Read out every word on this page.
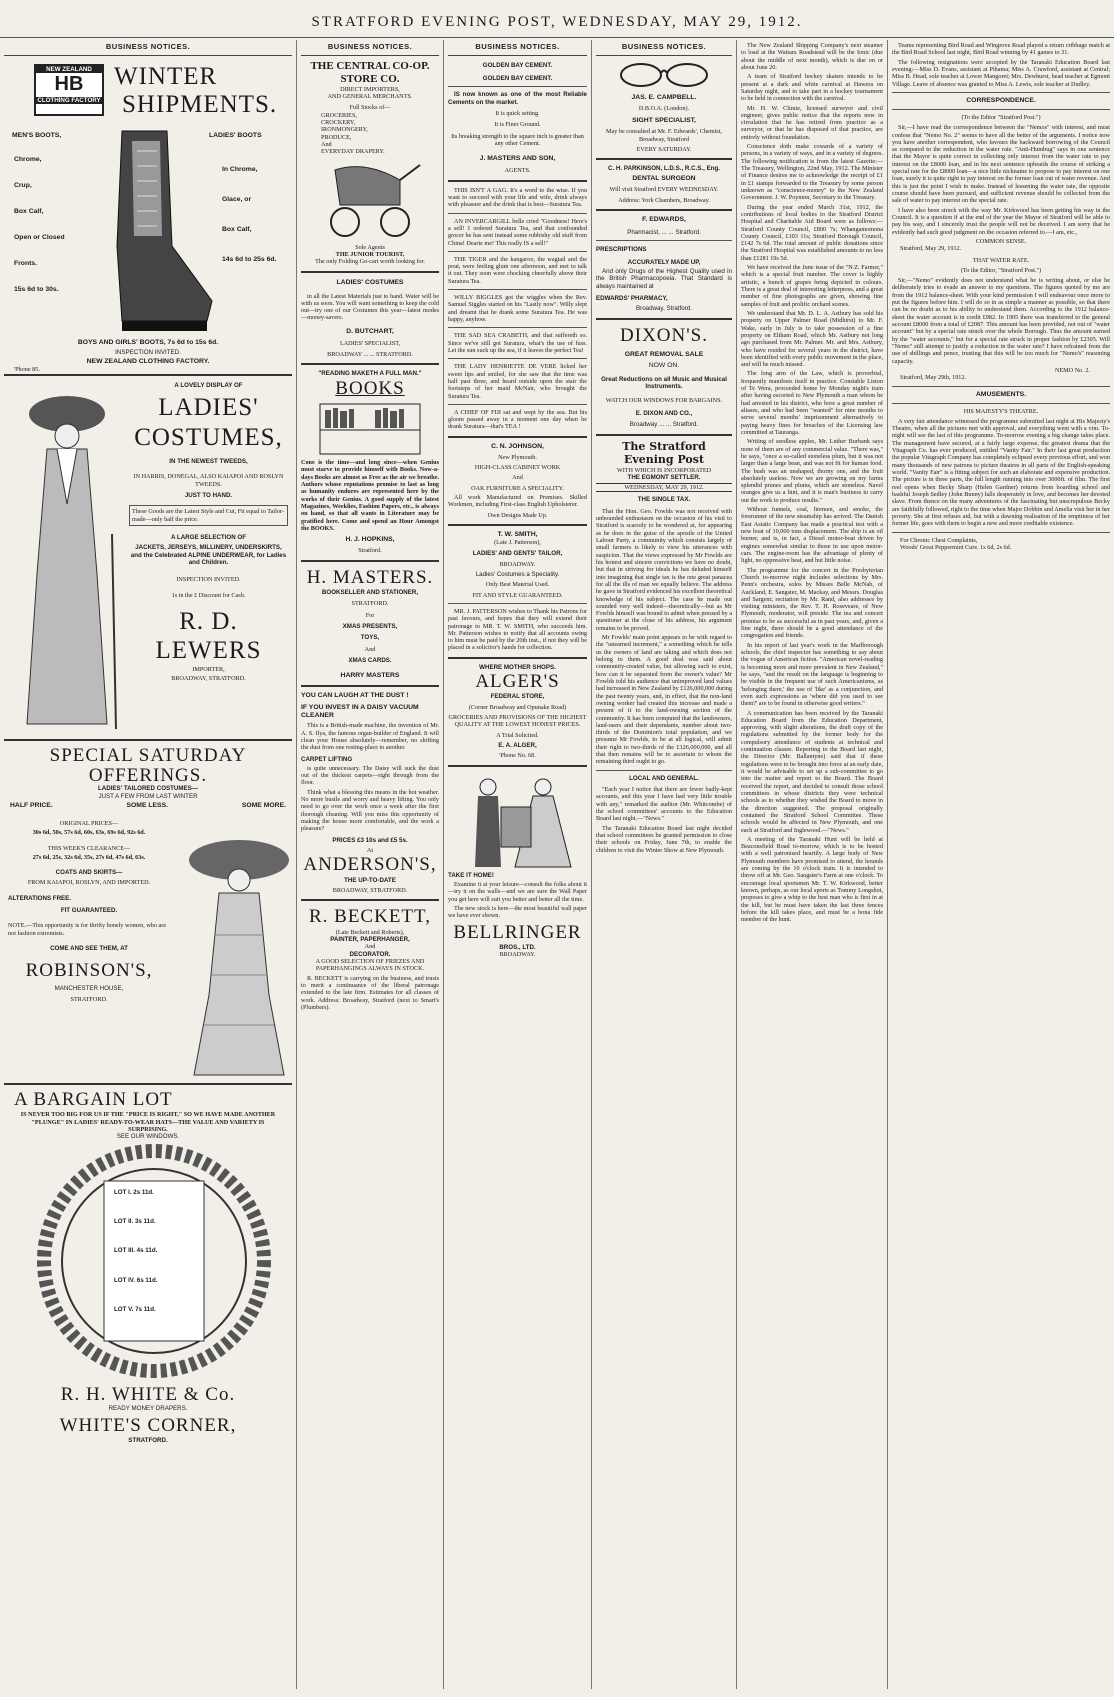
STRATFORD EVENING POST, WEDNESDAY, MAY 29, 1912.
BUSINESS NOTICES.
NEW ZEALAND
HB
CLOTHING FACTORY
WINTER
SHIPMENTS.
MEN'S BOOTS,	LADIES' BOOTS
Chrome,
Crup,
Box Calf,
Open or Closed
Fronts.
15s 6d to 30s.
In Chrome,
Glace, or
Box Calf,
14s 6d to 25s 6d.
BOYS AND GIRLS' BOOTS, 7s 6d to 15s 6d.
INSPECTION INVITED.
NEW ZEALAND CLOTHING FACTORY.
'Phone 85.
A LOVELY DISPLAY OF
LADIES'
COSTUMES,
IN THE NEWEST TWEEDS,
IN HARRIS, DONEGAL, ALSO KAIAPOI AND ROSLYN TWEEDS.
JUST TO HAND.
These Goods are the Latest Style and Cut, Fit equal to Tailor-made—only half the price.
A LARGE SELECTION OF
JACKETS, JERSEYS, MILLINERY, UNDERSKIRTS, and the Celebrated ALPINE UNDERWEAR, for Ladies and Children.
INSPECTION INVITED.
1s in the £ Discount for Cash.
R. D. LEWERS
IMPORTER,
BROADWAY, STRATFORD.
SPECIAL SATURDAY
OFFERINGS.
LADIES' TAILORED COSTUMES—
JUST A FEW FROM LAST WINTER
HALF PRICE.	SOME LESS.	SOME MORE.
ORIGINAL PRICES—
30s 6d, 50s, 57s 6d, 60s, 63s, 69s 6d, 92s 6d.
THIS WEEK'S CLEARANCE—
27s 6d, 25s, 32s 6d, 35s, 27s 6d, 47s 6d, 63s.
COATS AND SKIRTS—
FROM KAIAPOI, ROSLYN, AND IMPORTED.
ALTERATIONS FREE.
FIT GUARANTEED.
NOTE.—This opportunity is for thrifty honely women, who are not fashion extremists.
COME AND SEE THEM, AT
ROBINSON'S,
MANCHESTER HOUSE,
STRATFORD.
A BARGAIN LOT
IS NEVER TOO BIG FOR US IF THE "PRICE IS RIGHT," SO WE HAVE MADE ANOTHER "PLUNGE" IN LADIES' READY-TO-WEAR HATS—THE VALUE AND VARIETY IS SURPRISING.
SEE OUR WINDOWS.
LOT I. 2s 11d.
LOT II. 3s 11d.
LOT III. 4s 11d.
LOT IV. 6s 11d.
LOT V. 7s 11d.
R. H. WHITE & Co.
READY MONEY DRAPERS.
WHITE'S CORNER,
STRATFORD.
BUSINESS NOTICES.
THE CENTRAL CO-OP. STORE CO.
DIRECT IMPORTERS,
AND GENERAL MERCHANTS.
Full Stocks of—
GROCERIES,
CROCKERY,
IRONMONGERY,
PRODUCE,
And
EVERYDAY DRAPERY.
Sole Agents
THE JUNIOR TOURIST,
The only Folding Go-cart worth looking for.
LADIES' COSTUMES

in all the Latest Materials just to hand. Water will be with us soon. You will want something to keep the cold out—try one of our Costumes this year—latest modes—money-savers.

D. BUTCHART,
LADIES' SPECIALIST,
BROADWAY ... ... STRATFORD.
"READING MAKETH A FULL MAN."
BOOKS

Cone is the time—and long since—when Genius must starve to provide himself with Books. Now-a-days Books are almost as Free as the air we breathe. Authors whose reputations promise to last as long as humanity endures are represented here by the works of their Genius. A good supply of the latest Magazines, Weeklies, Fashion Papers, etc., is always on hand, so that all wants in Literature may be gratified here. Come and spend an Hour Amongst the BOOKS.

H. J. HOPKINS,
Stratford.
H. MASTERS.
BOOKSELLER AND STATIONER,
STRATFORD.
For
XMAS PRESENTS,
TOYS,
And
XMAS CARDS.
HARRY MASTERS
YOU CAN LAUGH AT THE DUST !
IF YOU INVEST IN A DAISY VACUUM CLEANER

This is a British-made machine, the invention of Mr. A. S. Ilya, the famous organ-builder of England. It will clean your House absolutely—remember, no shifting the dust from one resting-place to another.

CARPET LIFTING

is quite unnecessary. The Daisy will suck the dust out of the thickest carpets—right through from the floor.

Think what a blessing this means in the hot weather. No more bustle and worry and heavy lifting. You only need to go over the work once a week after the first thorough cleaning. Will you miss this opportunity of making the house more comfortable, and the work a pleasure?

PRICES £3 10s and £5 5s.
At
ANDERSON'S,
THE UP-TO-DATE
BROADWAY, STRATFORD.
R. BECKETT,
(Late Beckett and Roberts),
PAINTER, PAPERHANGER,
And
DECORATOR.
A GOOD SELECTION OF FRIEZES AND PAPERHANGINGS ALWAYS IN STOCK.

R. BECKETT is carrying on the business, and trusts to merit a continuance of the liberal patronage extended to the late firm. Estimates for all classes of work. Address: Broadway, Stratford (next to Smart's (Plumbers).

BUSINESS NOTICES.
GOLDEN BAY CEMENT.
GOLDEN BAY CEMENT.

IS now known as one of the most Reliable Cements on the market.

It is quick setting.
It is Finer Ground.
Its breaking strength to the square inch is greater than any other Cement.
J. MASTERS AND SON,
AGENTS.

THIS ISN'T A GAG. It's a word to the wise. If you want to succeed with your life and wife, drink always with pleasure and the drink that is best—Suratura Tea.

AN INVERCARGILL belle cried "Goodness! Here's a sell! I ordered Suratura Tea, and that confounded grocer he has sent instead some rubbishy old stuff from China! Dearie me! This really IS a sell!"

THE TIGER and the kangaroo, the wagtail and the pout, were feeling glum one afternoon, and met to talk it out. They soon were chocking cheerfully above their Suratura Tea.

WILLY BIGGLES got the wiggles when the Rev. Samuel Siggles started on his "Lastly now". Willy slept and dreamt that he drank some Suratura Tea. He was happy, anyhow.

THE SAD SEA CRABETH, and that suffereth so. Since we've still got Suratura, what's the use of fuss. Let the sun suck up the sea, if it leaves the perfect Tea!

THE LADY HENRIETTE DE VERE licked her sweet lips and smiled, for she saw that the time was half past three, and heard outside upon the stair the footsteps of her maid McNair, who brought the Suratura Tea.

A CHIEF OF FIJI sat and wept by the sea. But his gloom passed away in a moment one day when he drank Suratura—that's TEA !

C. N. JOHNSON,
New Plymouth.
HIGH-CLASS CABINET WORK
And
OAK FURNITURE A SPECIALITY.

All work Manufactured on Premises. Skilled Workmen, including First-class English Upholsterer.

Own Designs Made Up.
T. W. SMITH,
(Late J. Patterson),
LADIES' AND GENTS' TAILOR,
BROADWAY.
Ladies' Costumes a Speciality.
Only Best Material Used.
FIT AND STYLE GUARANTEED.

MR. J. PATTERSON wishes to Thank his Patrons for past favours, and hopes that they will extend their patronage to MR. T. W. SMITH, who succeeds him. Mr. Patterson wishes to notify that all accounts owing to him must be paid by the 20th inst., if not they will be placed in a solicitor's hands for collection.

WHERE MOTHER SHOPS.
ALGER'S
FEDERAL STORE,
(Corner Broadway and Opunake Road)
GROCERIES AND PROVISIONS OF THE HIGHEST QUALITY AT THE LOWEST HONEST PRICES.
A Trial Solicited.
E. A. ALGER,
'Phone No. 68.
TAKE IT HOME!

Examine it at your leisure—consult the folks about it—try it on the walls—and we are sure the Wall Paper you get here will suit you better and better all the time.

The new stock is here—the most beautiful wall paper we have ever shown.

BELLRINGER
BROS., LTD.
BROADWAY.
BUSINESS NOTICES.
JAS. E. CAMPBELL.
D.B.O.A. (London).
SIGHT SPECIALIST,
May be consulted at Mr. F. Edwards', Chemist, Broadway, Stratford
EVERY SATURDAY.
C. H. PARKINSON, L.D.S., R.C.S., Eng.
DENTAL SURGEON
Will visit Stratford EVERY WEDNESDAY.
Address: York Chambers, Broadway.
F. EDWARDS,
Pharmacist, ... ... Stratford.
PRESCRIPTIONS
ACCURATELY MADE UP,

And only Drugs of the Highest Quality used in the British Pharmacopoeia. That Standard is always maintained at

EDWARDS' PHARMACY,
Broadway, Stratford.
DIXON'S.
GREAT REMOVAL SALE
NOW ON.
Great Reductions on all Music and Musical Instruments.
WATCH OUR WINDOWS FOR BARGAINS.
E. DIXON AND CO.,
Broadway ... ... Stratford.
The Stratford Evening Post
WITH WHICH IS INCORPORATED
THE EGMONT SETTLER.
WEDNESDAY, MAY 29, 1912.
THE SINGLE TAX.

That the Hon. Geo. Fowlds was not received with unbounded enthusiasm on the occasion of his visit to Stratford is scarcely to be wondered at, for appearing as he does in the guise of the apostle of the United Labour Party, a community which consists largely of small farmers is likely to view his utterances with suspicion. That the views expressed by Mr Fowlds are his honest and sincere convictions we have no doubt, but that in striving for ideals he has deluded himself into imagining that single tax is the one great panacea for all the ills of man we equally believe. The address he gave in Stratford evidenced his excellent theoretical knowledge of his subject. The case he made out sounded very well indeed—theoretically—but as Mr Fowlds himself was bound to admit when pressed by a questioner at the close of his address, his argument remains to be proved.

Mr Fowlds' main point appears to be with regard to the "unearned increment," a something which he tells us the owners of land are taking and which does not belong to them. A good deal was said about community-created value, but allowing such to exist, how can it be separated from the owner's value? Mr Fowlds told his audience that unimproved land values had increased in New Zealand by £126,000,000 during the past twenty years, and, in effect, that the non-land owning worker had created this increase and made a present of it to the land-owning section of the community. It has been computed that the landowners, land-users and their dependants, number about two-thirds of the Dominion's total population, and we presume Mr Fowlds, to be at all logical, will admit their right to two-thirds of the £126,000,000, and all that then remains will be to ascertain to whom the remaining third ought to go.

LOCAL AND GENERAL.

"Each year I notice that there are fewer badly-kept accounts, and this year I have had very little trouble with any," remarked the auditor (Mr. Whitcombe) of the school committees' accounts to the Education Board last night.—"News."

The Taranaki Education Board last night decided that school committees be granted permission to close their schools on Friday, June 7th, to enable the children to visit the Winter Show at New Plymouth.

The New Zealand Shipping Company's next steamer to load at the Waitara Roadstead will be the Ionic (due about the middle of next month), which is due on or about June 20.

A team of Stratford hockey skaters intends to be present at a dark and white carnival at Hawera on Saturday night, and to take part in a hockey tournament to be held in connection with the carnival.

Mr. H. W. Climie, licensed surveyor and civil engineer, gives public notice that the reports now in circulation that he has retired from practice as a surveyor, or that he has disposed of that practice, are entirely without foundation.

Conscience doth make cowards of a variety of persons, in a variety of ways, and in a variety of degrees. The following notification is from the latest Gazette:—The Treasury, Wellington, 22nd May, 1912. The Minister of Finance desires me to acknowledge the receipt of £1 in £1 stamps forwarded to the Treasury by some person unknown as "conscience-money" to the New Zealand Government. J. W. Poynton, Secretary to the Treasury.

During the year ended March 31st, 1912, the contributions of local bodies to the Stratford District Hospital and Charitable Aid Board were as follows:—Stratford County Council, £800 7s; Whangamomona County Council, £103 11s; Stratford Borough Council, £142 7s 6d. The total amount of public donations since the Stratford Hospital was established amounts to no less than £1281 19s 5d.

We have received the June issue of the "N.Z. Farmer," which is a special fruit number. The cover is highly artistic, a bunch of grapes being depicted in colours. There is a great deal of interesting letterpress, and a great number of fine photographs are given, showing fine samples of fruit and prolific orchard scenes.

We understand that Mr. D. L. A. Astbury has sold his property on Upper Palmer Road (Midhirst) to Mr. F. Wake, early in July is to take possession of a fine property on Eltham Road, which Mr. Astbury not long ago purchased from Mr. Palmer. Mr. and Mrs. Astbury, who have resided for several years in the district, have been identified with every public movement in the place, and will be much missed.

The long arm of the Law, which is proverbial, frequently manifests itself in practice. Constable Liston of Te Wera, proceeded home by Monday night's train after having escorted to New Plymouth a man whom he had arrested in his district, who bore a great number of aliases, and who had been "wanted" for nine months to serve several months' imprisonment alternatively to paying heavy fines for breaches of the Licensing law committed at Tauranga.

Writing of seedless apples, Mr. Luther Burbank says none of them are of any commercial value. "There was," he says, "once a so-called stoneless plum, but it was not larger than a large bean, and was not fit for human food. The bush was an unshaped, thorny one, and the fruit absolutely useless. Now we are growing on my farms splendid prunes and plums, which are stoneless. Navel oranges give us a hint, and it is man's business to carry out the work to produce results."

Without funnels, coal, firemen, and smoke, the forerunner of the new steamship has arrived. The Danish East Asiatic Company has made a practical test with a new boat of 10,000 tons displacement. The ship is an oil burner, and is, in fact, a Diesel motor-boat driven by engines somewhat similar to those in use upon motor-cars. The engine-room has the advantage of plenty of light, no oppressive heat, and but little noise.

The programme for the concert in the Presbyterian Church to-morrow night includes selections by Mrs. Penn's orchestra, solos by Misses Belle McNab, of Auckland, E. Sangster, M. Mackay, and Messrs. Douglas and Sargent; recitation by Mr. Rand, also addresses by visiting ministers, the Rev. T. H. Roseveare, of New Plymouth, moderator, will preside. The tea and concert promise to be as successful as in past years, and, given a fine night, there should be a good attendance of the congregation and friends.

In his report of last year's work in the Marlborough schools, the chief inspector has something to say about the vogue of American fiction. "American novel-reading is becoming more and more prevalent in New Zealand," he says, "and the result on the language is beginning to be visible in the frequent use of such Americanisms, as 'belonging there,' the use of 'like' as a conjunction, and even such expressions as 'where did you used to see them?' are to be found in otherwise good writers."

A communication has been received by the Taranaki Education Board from the Education Department, approving, with slight alterations, the draft copy of the regulations submitted by the former body for the compulsory attendance of students at technical and continuation classes. Reporting to the Board last night, the Director (Mr. Ballantyne) said that if these regulations were to be brought into force at an early date, it would be advisable to set up a sub-committee to go into the matter and report to the Board. The Board received the report, and decided to consult those school committees in whose districts they were technical schools as to whether they wished the Board to move in the direction suggested. The proposal originally contained the Stratford School Committee. These schools would be affected in New Plymouth, and one each at Stratford and Inglewood.—"News."

A meeting of the Taranaki Hunt will be held at Beaconsfield Road to-morrow, which is to be hosted with a well patronised heartily. A large body of New Plymouth members have promised to attend, the hounds are coming by the 10 o'clock train. It is intended to throw off at Mr. Geo. Sangster's Farm at one o'clock. To encourage local sportsmen Mr. T. W. Kirkwood, better known, perhaps, as our local sports as Tommy Longshot, proposes to give a whip to the best man who is first in at the kill, but he must have taken the last three fences before the kill takes place, and must be a bona fide member of the hunt.

Teams representing Bird Road and Wingrove Road played a return cribbage match at the Bird Road School last night, Bird Road winning by 41 games to 31.

The following resignations were accepted by the Taranaki Education Board last evening:—Miss D. Evans, assistant at Pihama; Miss A. Crawford, assistant at Central; Miss B. Head, sole teacher at Lower Mangorei; Mrs. Dewhurst, head teacher at Egmont Village. Leave of absence was granted to Miss A. Lewis, sole teacher at Dudley.

CORRESPONDENCE.
(To the Editor "Stratford Post.")

Sir,—I have read the correspondence between the "Nemos" with interest, and must confess that "Nemo No. 2" seems to have all the better of the arguments. I notice now you have another correspondent, who favours the backward borrowing of the Council as compared to the reduction in the water rate. "Anti-Humbug" says in one sentence that the Mayor is quite correct in collecting only interest from the water rate to pay interest on the £8000 loan, and in his next sentence upbraids the course of striking a special rate for the £8000 loan—a nice little nickname to propose to pay interest on one loan, surely it is quite right to pay interest on the former loan out of water revenue. And this is just the point I wish to make. Instead of lessening the water rate, the opposite course should have been pursued, and sufficient revenue should be collected from the sale of water to pay interest on the special rate.

I have also been struck with the way Mr. Kirkwood has been getting his way in the Council. It is a question if at the end of the year the Mayor of Stratford will be able to pay his way, and I sincerely trust the people will not be deceived. I am sorry that he evidently had such good judgment on the occasion referred to.—I am, etc.,

COMMON SENSE.
Stratford, May 29, 1912.
THAT WATER RATE.
(To the Editor, "Stratford Post.")

Sir,—"Nemo" evidently does not understand what he is writing about, or else he deliberately tries to evade an answer to my questions. The figures quoted by me are from the 1912 balance-sheet. With your kind permission I will endeavour once more to put the figures before him. I will do so in as simple a manner as possible, so that there can be no doubt as to his ability to understand them. According to the 1912 balance-sheet the water account is in credit £982. In 1905 there was transferred to the general account £8000 from a total of £2087. This amount has been provided, not out of "water account" but by a special rate struck over the whole Borough. Thus the amount earned by the "water accounts," but for a special rate struck in proper fashion by £2305. Will "Nemo" still attempt to justify a reduction in the water rate? I have refrained from the use of shillings and pence, trusting that this will be too much for "Nemo's" reasoning capacity.

NEMO No. 2.
Stratford, May 29th, 1912.
AMUSEMENTS.
HIS MAJESTY'S THEATRE.

A very fair attendance witnessed the programme submitted last night at His Majesty's Theatre, when all the pictures met with approval, and everything went with a vim. To-night will see the last of this programme. To-morrow evening a big change takes place. The management have secured, at a fairly large expense, the greatest drama that the Vitagraph Co. has ever produced, entitled "Vanity Fair." In their last great production the popular Vitagraph Company has completely eclipsed every previous effort, and won many thousands of new patrons to picture theatres in all parts of the English-speaking world. "Vanity Fair" is a fitting subject for such an elaborate and expensive production. The picture is in three parts, the full length running into over 3000ft. of film. The first reel opens when Becky Sharp (Helen Gardner) returns from boarding school and bashful Joseph Sedley (John Bunny) falls desperately in love, and becomes her devoted slave. From thence on the many adventures of the fascinating but unscrupulous Becky are faithfully followed, right to the time when Major Dobbin and Amelia visit her in her poverty. She at first refuses aid, but with a dawning realisation of the emptiness of her former life, goes with them to begin a new and more creditable existence.

For Chronic Chest Complaints,
Woods' Great Peppermint Cure. 1s 6d, 2s 6d.
